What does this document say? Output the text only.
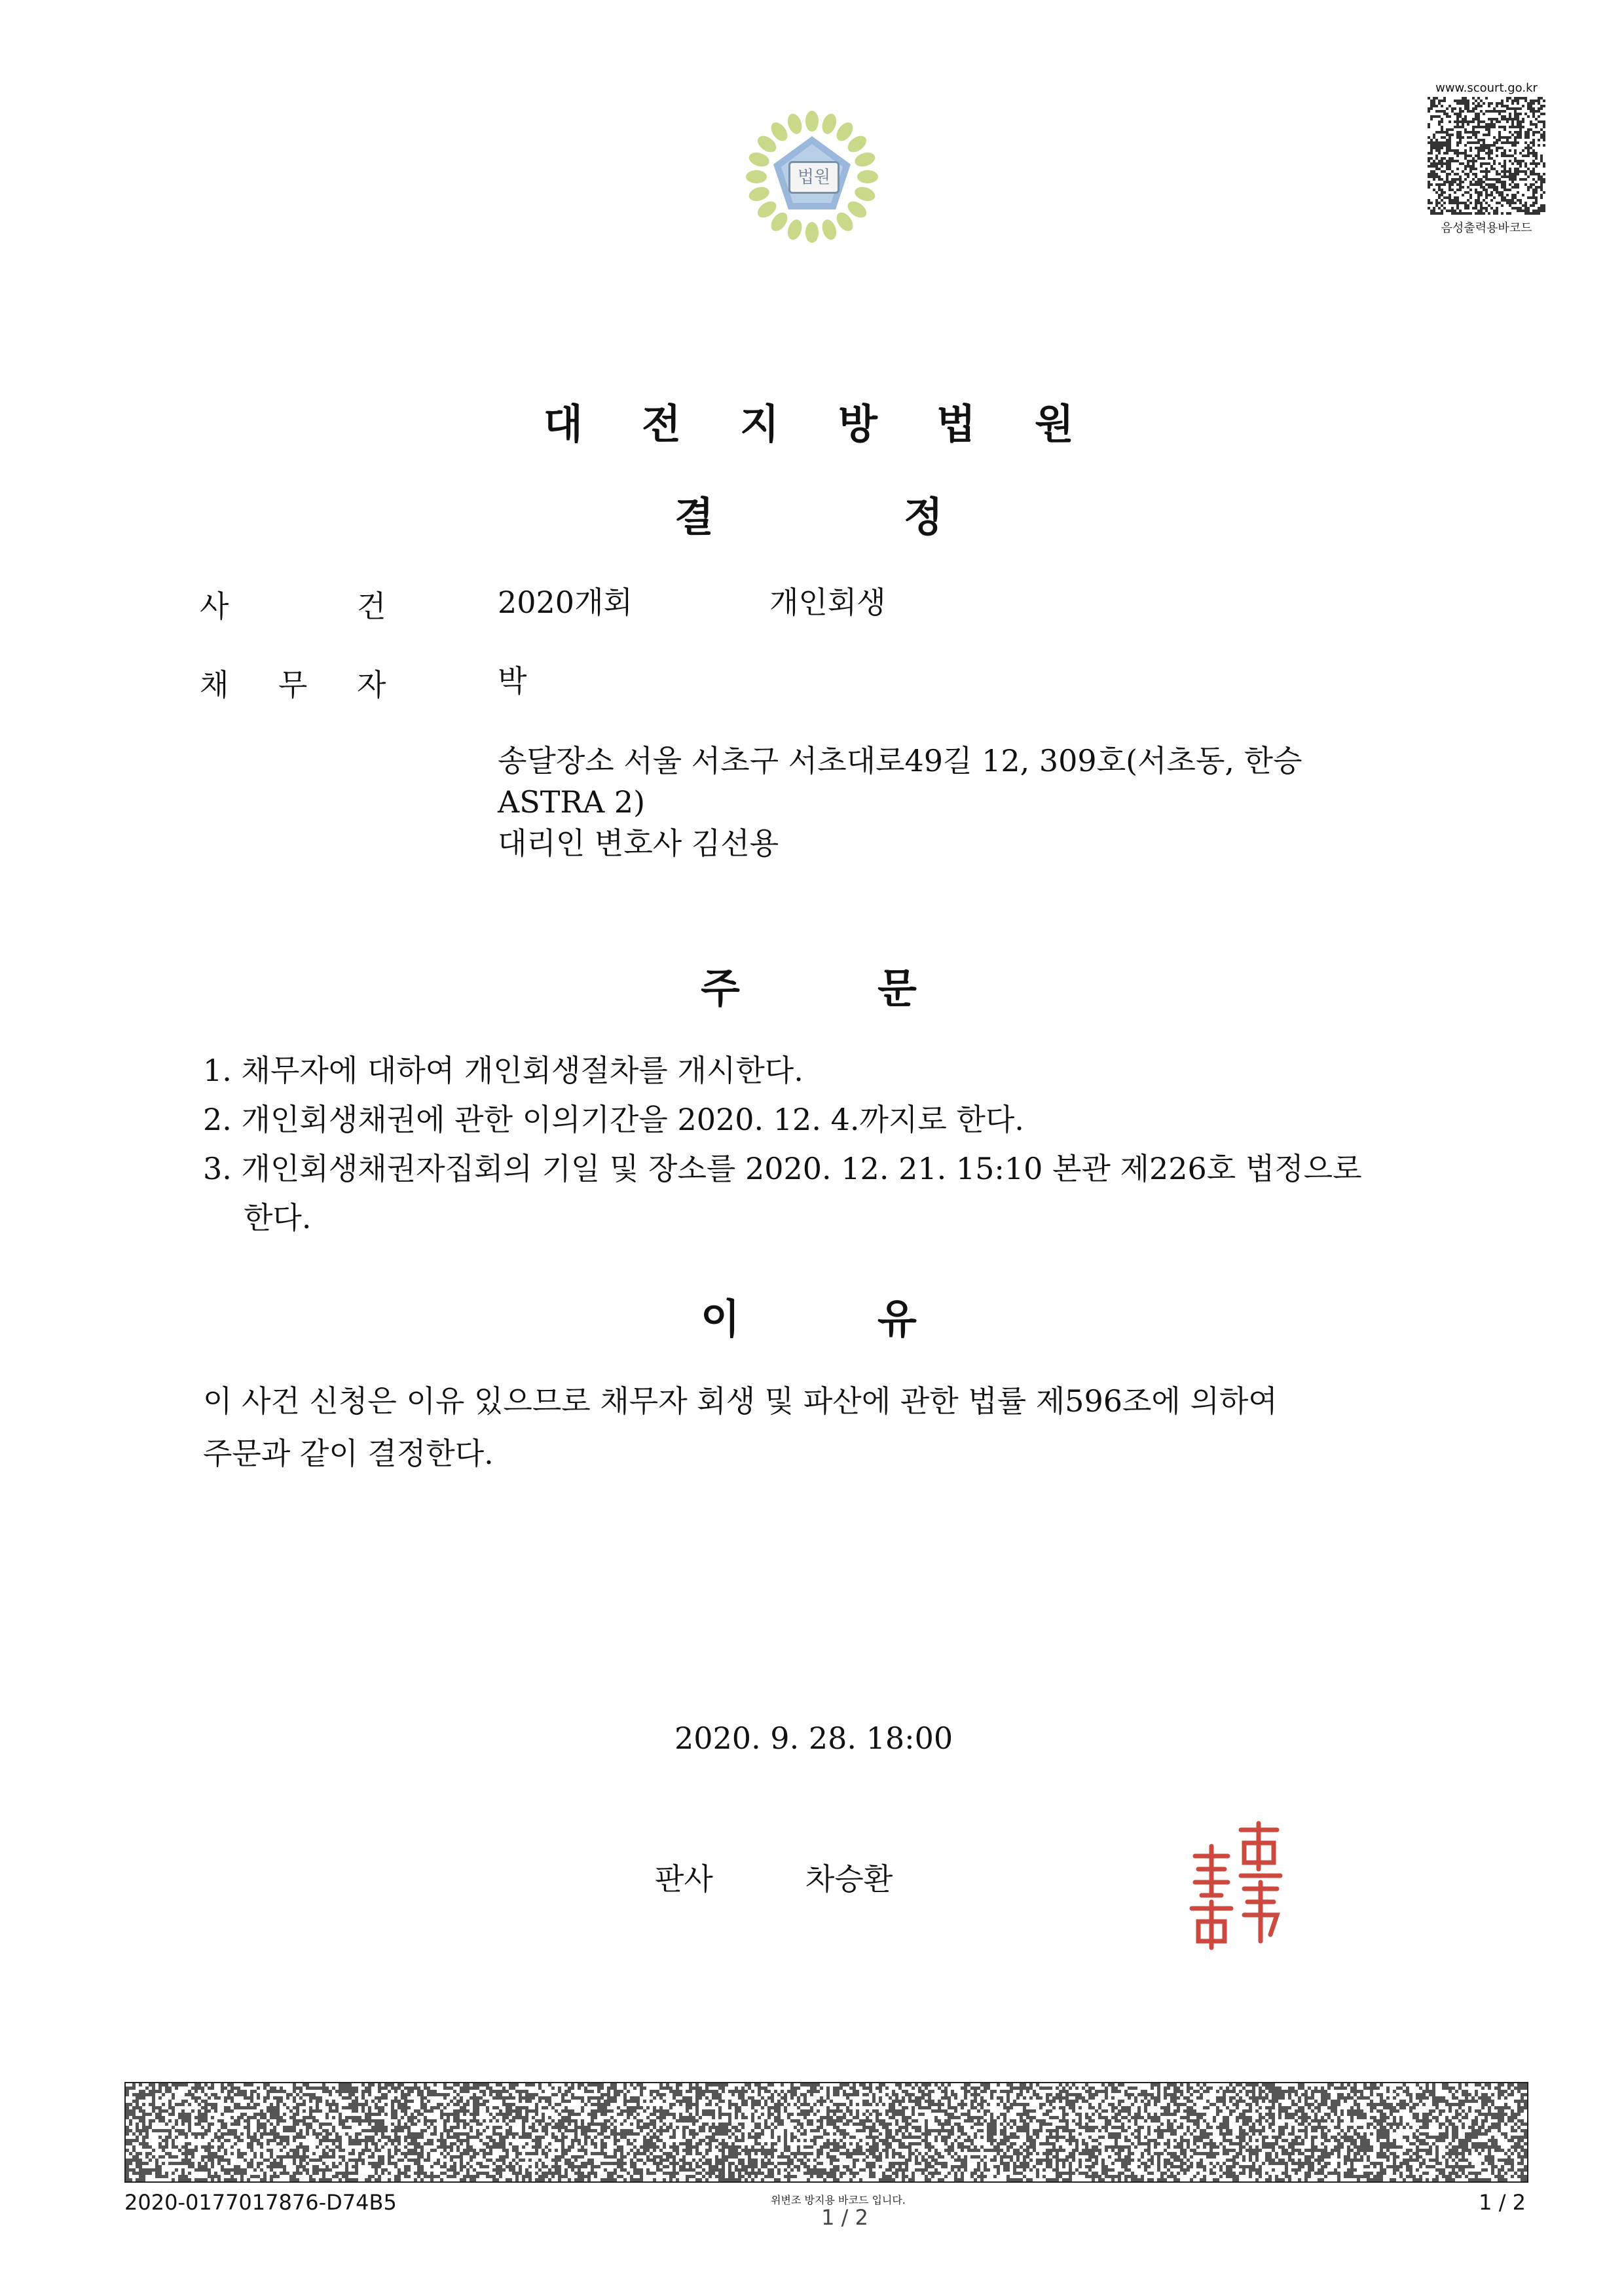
법원
www.scourt.go.kr
음성출력용바코드
대 전 지 방 법 원
결	정
사	건	2020개회	개인회생
채 무 자	박
송달장소 서울 서초구 서초대로49길 12, 309호(서초동, 한승
ASTRA 2)
대리인 변호사 김선용
주	문
1. 채무자에 대하여 개인회생절차를 개시한다.
2. 개인회생채권에 관한 이의기간을 2020. 12. 4.까지로 한다.
3. 개인회생채권자집회의 기일 및 장소를 2020. 12. 21. 15:10 본관 제226호 법정으로
한다.
이	유
이 사건 신청은 이유 있으므로 채무자 회생 및 파산에 관한 법률 제596조에 의하여
주문과 같이 결정한다.
2020. 9. 28. 18:00
판사	차승환
2020-0177017876-D74B5	위변조 방지용 바코드 입니다.
1 / 2
1 / 2
